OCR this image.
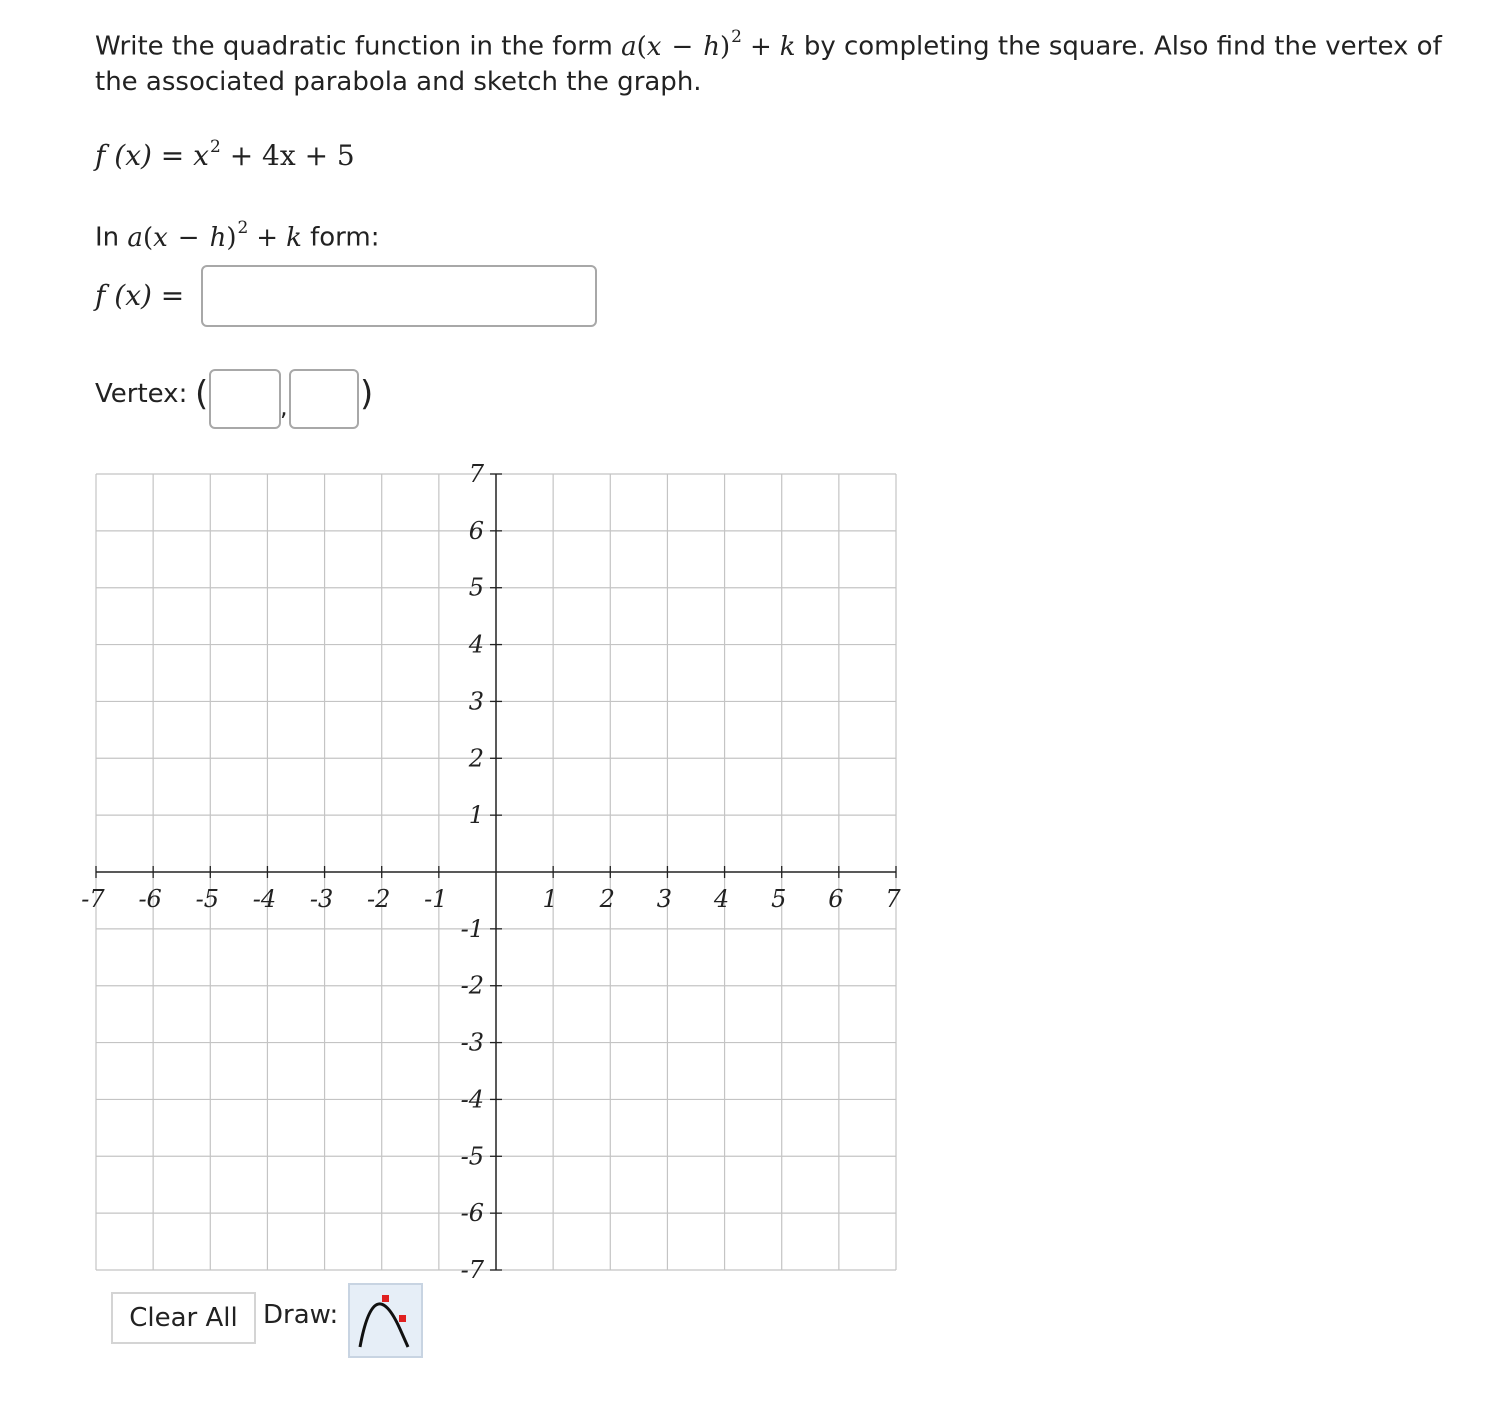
Write the quadratic function in the form $a(x - h)^2 + k$ by completing the square. Also find the vertex of
the associated parabola and sketch the graph.
f $(x) = x^2 + 4x + 5$
In $a(x - h)^2 + k$ form:
f (x) =
Vertex: (	, )
-7 -6 -5 -4 -3 -2 -1	1 2 3 4 5 6 7
7
6
5
4
3
2
1
-1
-2
-3
-4
-5
-6
-7
Clear All Draw:
